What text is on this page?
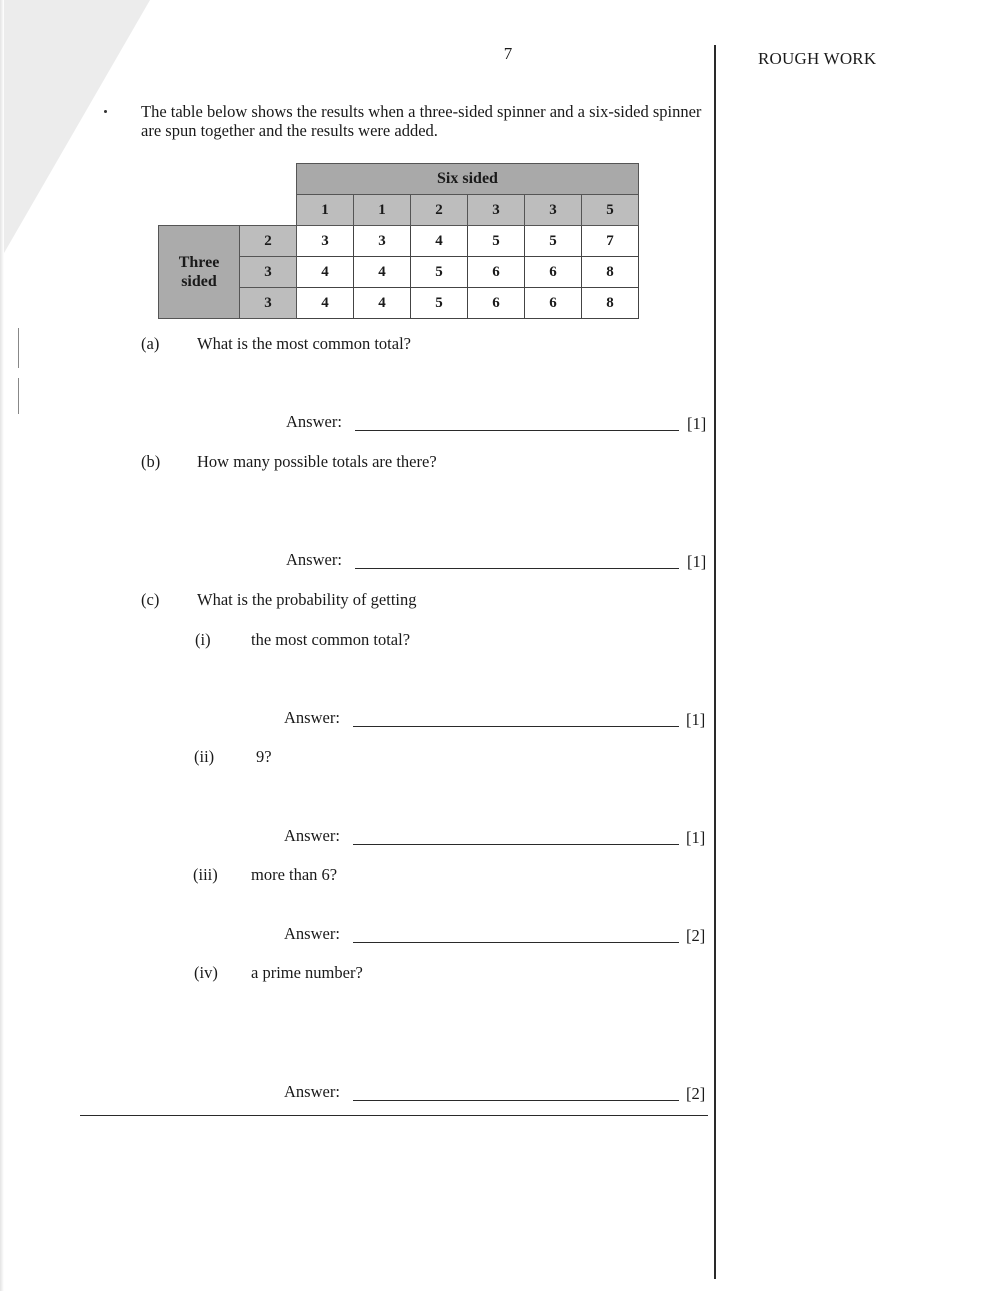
7	ROUGH WORK
The table below shows the results when a three-sided spinner and a six-sided spinner are spun together and the results were added.
		Six sided					
		1	1	2	3	3	5
Three
sided	2	3	3	4	5	5	7
	3	4	4	5	6	6	8
	3	4	4	5	6	6	8
(a) What is the most common total?
Answer:	[1]
(b) How many possible totals are there?
Answer:	[1]
(c) What is the probability of getting
(i) the most common total?
Answer:	[1]
(ii)	9?
Answer:	[1]
(iii) more than 6?
Answer:	[2]
(iv) a prime number?
Answer:	[2]
